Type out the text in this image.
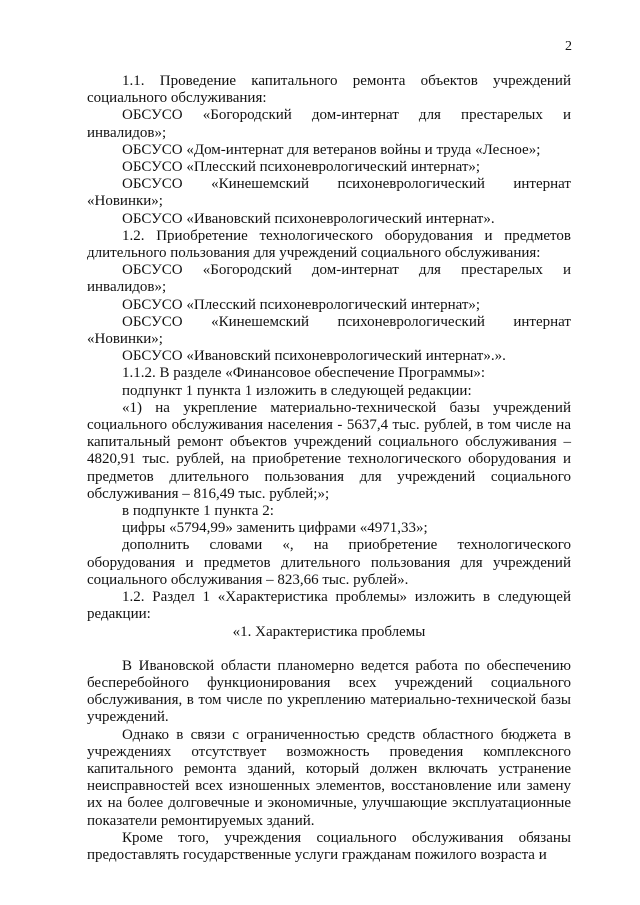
2

1.1. Проведение капитального ремонта объектов учреждений социального обслуживания:

ОБСУСО «Богородский дом-интернат для престарелых и инвалидов»;

ОБСУСО «Дом-интернат для ветеранов войны и труда «Лесное»;

ОБСУСО «Плесский психоневрологический интернат»;

ОБСУСО «Кинешемский психоневрологический интернат «Новинки»;

ОБСУСО «Ивановский психоневрологический интернат».

1.2. Приобретение технологического оборудования и предметов длительного пользования для учреждений социального обслуживания:

ОБСУСО «Богородский дом-интернат для престарелых и инвалидов»;

ОБСУСО «Плесский психоневрологический интернат»;

ОБСУСО «Кинешемский психоневрологический интернат «Новинки»;

ОБСУСО «Ивановский психоневрологический интернат».».

1.1.2. В разделе «Финансовое обеспечение Программы»:

подпункт 1 пункта 1 изложить в следующей редакции:

«1) на укрепление материально-технической базы учреждений социального обслуживания населения - 5637,4 тыс. рублей, в том числе на капитальный ремонт объектов учреждений социального обслуживания – 4820,91 тыс. рублей, на приобретение технологического оборудования и предметов длительного пользования для учреждений социального обслуживания – 816,49 тыс. рублей;»;

в подпункте 1 пункта 2:

цифры «5794,99» заменить цифрами «4971,33»;

дополнить словами «, на приобретение технологического оборудования и предметов длительного пользования для учреждений социального обслуживания – 823,66 тыс. рублей».

1.2. Раздел 1 «Характеристика проблемы» изложить в следующей редакции:

«1. Характеристика проблемы

В Ивановской области планомерно ведется работа по обеспечению бесперебойного функционирования всех учреждений социального обслуживания, в том числе по укреплению материально-технической базы учреждений.

Однако в связи с ограниченностью средств областного бюджета в учреждениях отсутствует возможность проведения комплексного капитального ремонта зданий, который должен включать устранение неисправностей всех изношенных элементов, восстановление или замену их на более долговечные и экономичные, улучшающие эксплуатационные показатели ремонтируемых зданий.

Кроме того, учреждения социального обслуживания обязаны предоставлять государственные услуги гражданам пожилого возраста и
